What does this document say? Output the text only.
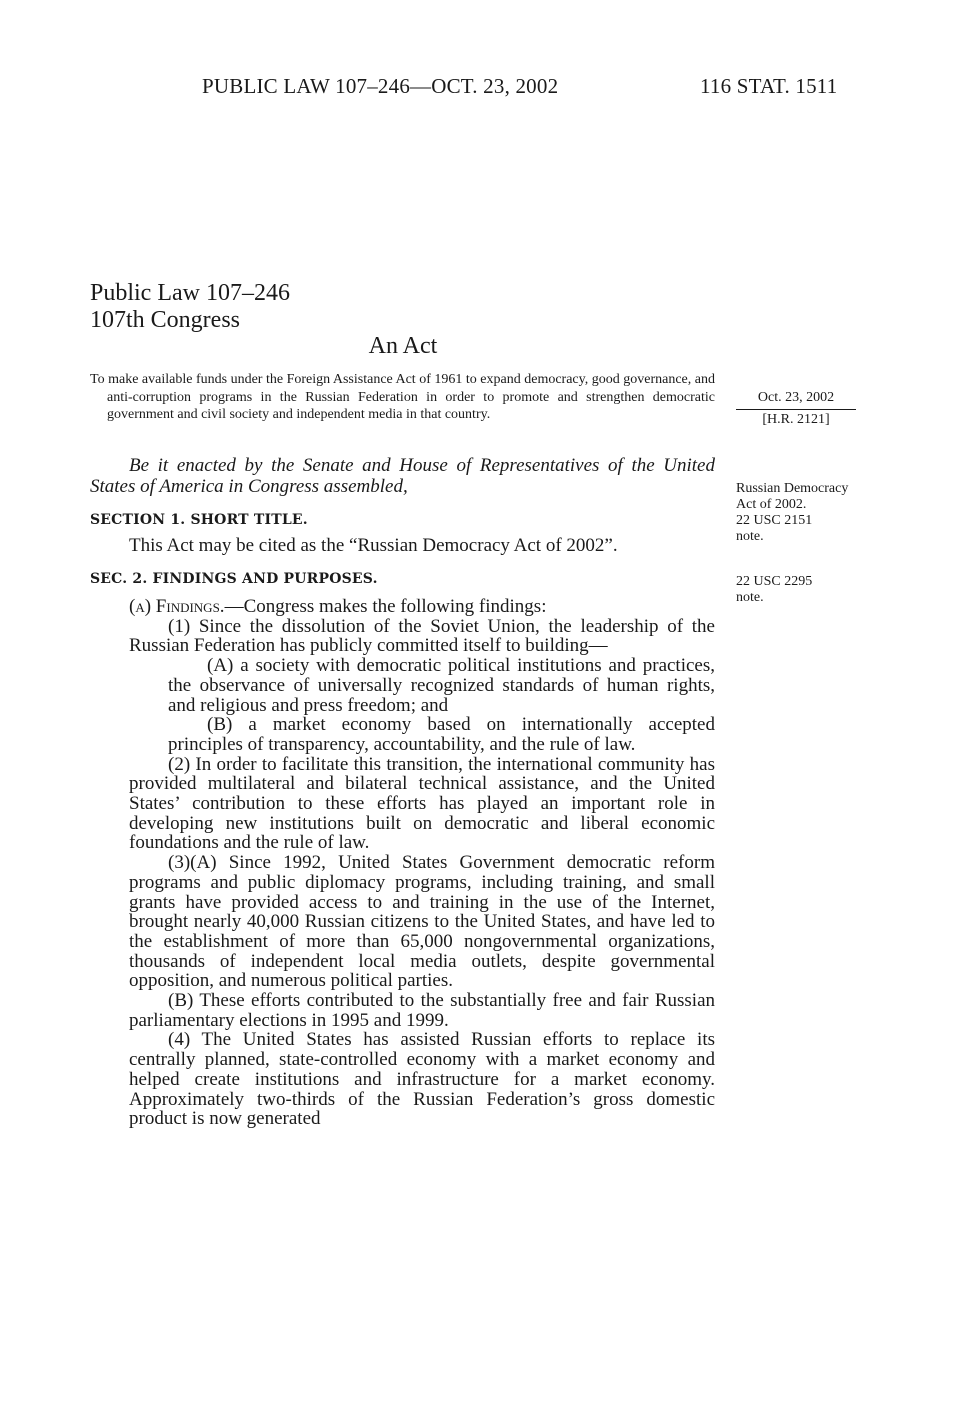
PUBLIC LAW 107–246—OCT. 23, 2002	116 STAT. 1511
Public Law 107–246
107th Congress
An Act

To make available funds under the Foreign Assistance Act of 1961 to expand democracy, good governance, and anti-corruption programs in the Russian Federation in order to promote and strengthen democratic government and civil society and independent media in that country.

Oct. 23, 2002
[H.R. 2121]
Russian Democracy Act of 2002.
22 USC 2151
note.
22 USC 2295
note.
Be it enacted by the Senate and House of Representatives of the United States of America in Congress assembled,
SECTION 1. SHORT TITLE.
This Act may be cited as the “Russian Democracy Act of 2002”.
SEC. 2. FINDINGS AND PURPOSES.

(a) Findings.—Congress makes the following findings:

(1) Since the dissolution of the Soviet Union, the leadership of the Russian Federation has publicly committed itself to building—

(A) a society with democratic political institutions and practices, the observance of universally recognized standards of human rights, and religious and press freedom; and

(B) a market economy based on internationally accepted principles of transparency, accountability, and the rule of law.

(2) In order to facilitate this transition, the international community has provided multilateral and bilateral technical assistance, and the United States’ contribution to these efforts has played an important role in developing new institutions built on democratic and liberal economic foundations and the rule of law.

(3)(A) Since 1992, United States Government democratic reform programs and public diplomacy programs, including training, and small grants have provided access to and training in the use of the Internet, brought nearly 40,000 Russian citizens to the United States, and have led to the establishment of more than 65,000 nongovernmental organizations, thousands of independent local media outlets, despite governmental opposition, and numerous political parties.

(B) These efforts contributed to the substantially free and fair Russian parliamentary elections in 1995 and 1999.

(4) The United States has assisted Russian efforts to replace its centrally planned, state-controlled economy with a market economy and helped create institutions and infrastructure for a market economy. Approximately two-thirds of the Russian Federation’s gross domestic product is now generated
